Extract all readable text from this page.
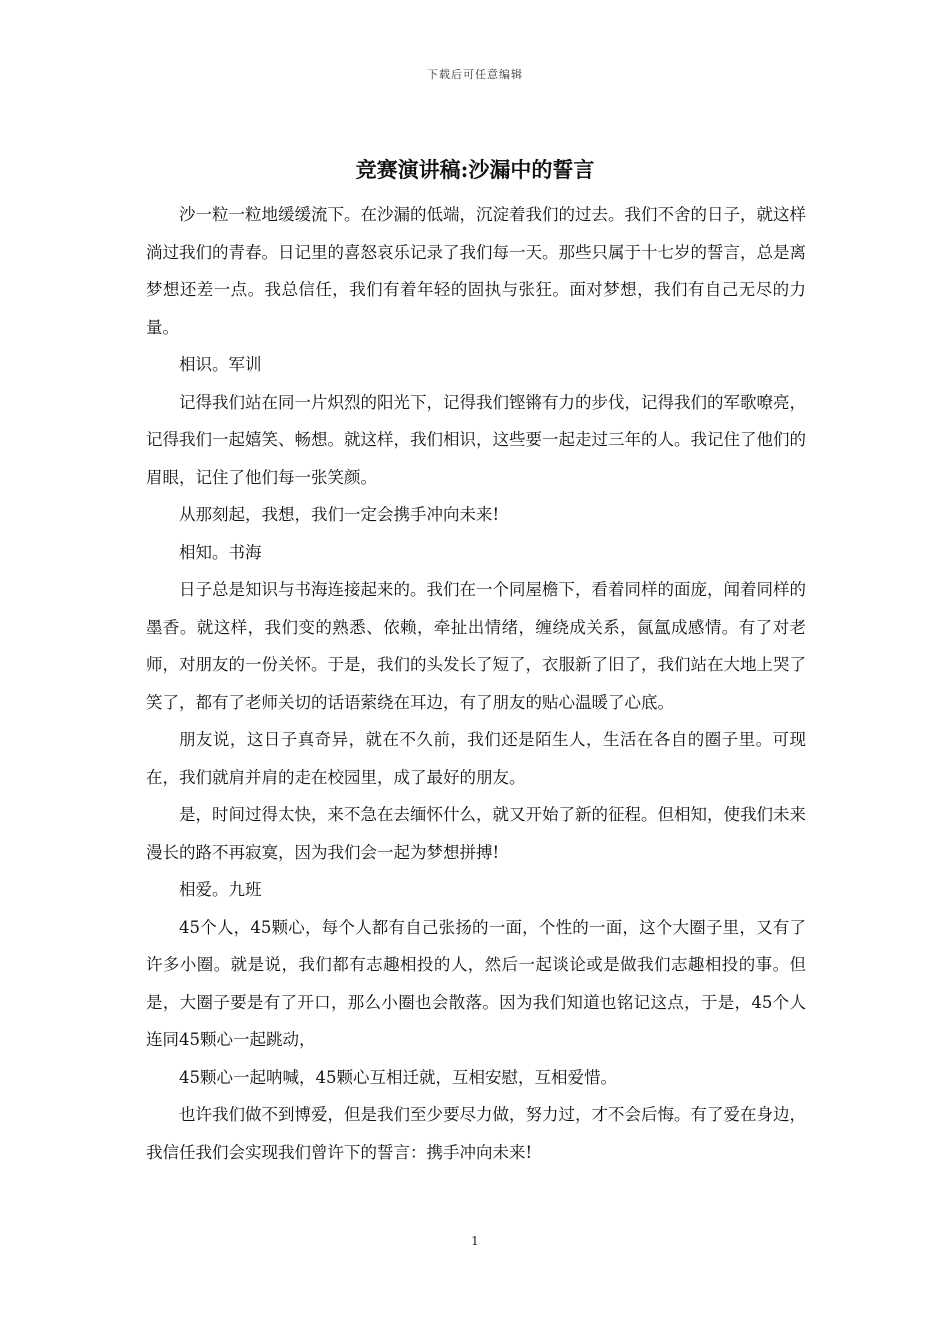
下载后可任意编辑
竞赛演讲稿:沙漏中的誓言

沙一粒一粒地缓缓流下。在沙漏的低端，沉淀着我们的过去。我们不舍的日子，就这样淌过我们的青春。日记里的喜怒哀乐记录了我们每一天。那些只属于十七岁的誓言，总是离梦想还差一点。我总信任，我们有着年轻的固执与张狂。面对梦想，我们有自己无尽的力量。

相识。军训

记得我们站在同一片炽烈的阳光下，记得我们铿锵有力的步伐，记得我们的军歌嘹亮，记得我们一起嬉笑、畅想。就这样，我们相识，这些要一起走过三年的人。我记住了他们的眉眼，记住了他们每一张笑颜。

从那刻起，我想，我们一定会携手冲向未来!

相知。书海

日子总是知识与书海连接起来的。我们在一个同屋檐下，看着同样的面庞，闻着同样的墨香。就这样，我们变的熟悉、依赖，牵扯出情绪，缠绕成关系，氤氲成感情。有了对老师，对朋友的一份关怀。于是，我们的头发长了短了，衣服新了旧了，我们站在大地上哭了笑了，都有了老师关切的话语萦绕在耳边，有了朋友的贴心温暖了心底。

朋友说，这日子真奇异，就在不久前，我们还是陌生人，生活在各自的圈子里。可现在，我们就肩并肩的走在校园里，成了最好的朋友。

是，时间过得太快，来不急在去缅怀什么，就又开始了新的征程。但相知，使我们未来漫长的路不再寂寞，因为我们会一起为梦想拼搏!

相爱。九班

45个人，45颗心，每个人都有自己张扬的一面，个性的一面，这个大圈子里，又有了许多小圈。就是说，我们都有志趣相投的人，然后一起谈论或是做我们志趣相投的事。但是，大圈子要是有了开口，那么小圈也会散落。因为我们知道也铭记这点，于是，45个人连同45颗心一起跳动，

45颗心一起呐喊，45颗心互相迁就，互相安慰，互相爱惜。

也许我们做不到博爱，但是我们至少要尽力做，努力过，才不会后悔。有了爱在身边，我信任我们会实现我们曾许下的誓言：携手冲向未来!

1
